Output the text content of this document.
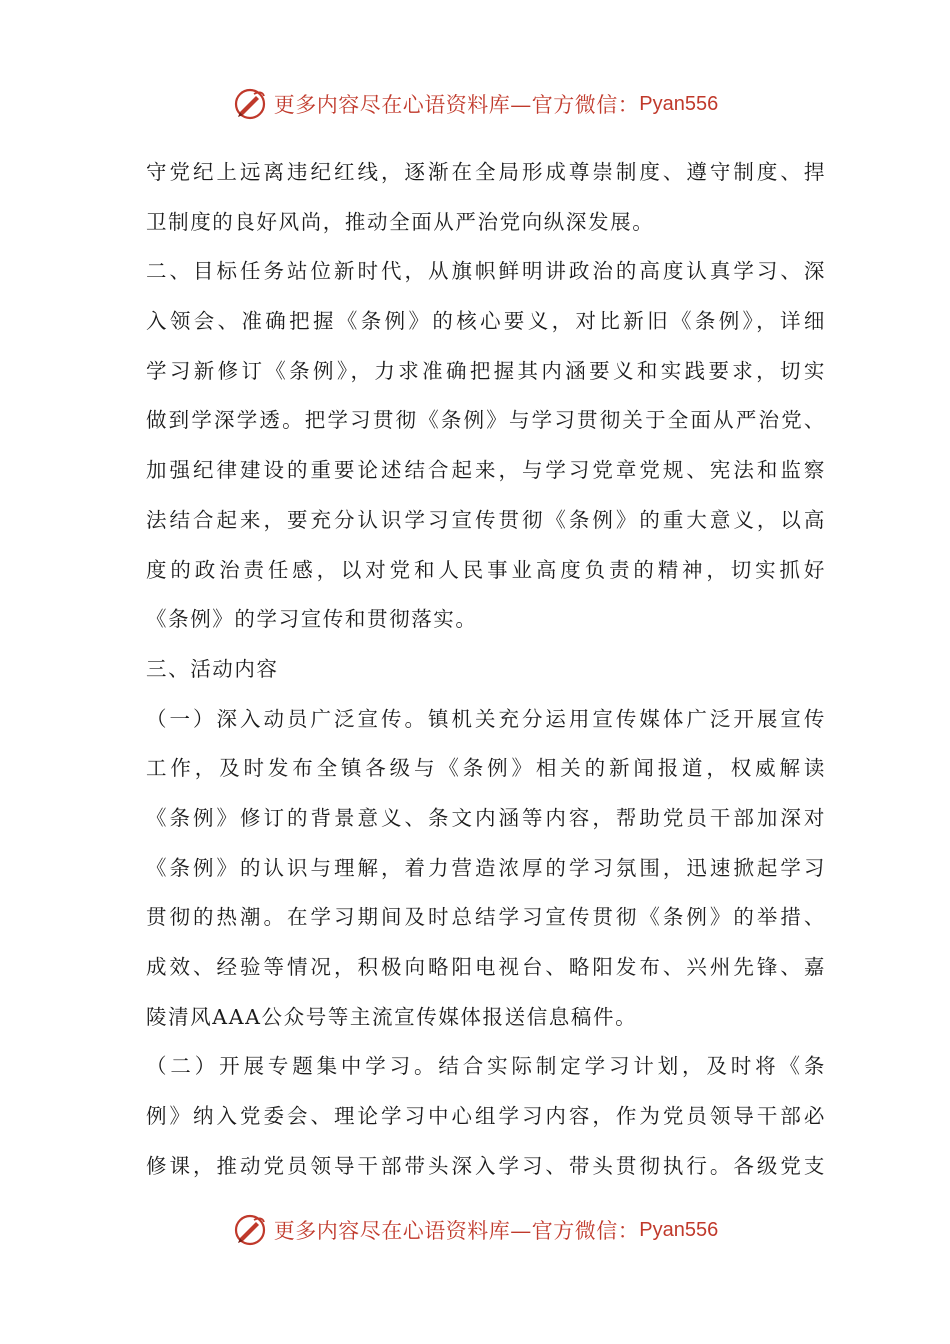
更多内容尽在心语资料库—官方微信： Pyan556
守党纪上远离违纪红线，逐渐在全局形成尊崇制度、遵守制度、捍
卫制度的良好风尚，推动全面从严治党向纵深发展。
二、目标任务站位新时代，从旗帜鲜明讲政治的高度认真学习、深
入领会、准确把握《条例》的核心要义，对比新旧《条例》，详细
学习新修订《条例》，力求准确把握其内涵要义和实践要求，切实
做到学深学透。把学习贯彻《条例》与学习贯彻关于全面从严治党、
加强纪律建设的重要论述结合起来，与学习党章党规、宪法和监察
法结合起来，要充分认识学习宣传贯彻《条例》的重大意义，以高
度的政治责任感，以对党和人民事业高度负责的精神，切实抓好
《条例》的学习宣传和贯彻落实。
三、活动内容
（一）深入动员广泛宣传。镇机关充分运用宣传媒体广泛开展宣传
工作，及时发布全镇各级与《条例》相关的新闻报道，权威解读
《条例》修订的背景意义、条文内涵等内容，帮助党员干部加深对
《条例》的认识与理解，着力营造浓厚的学习氛围，迅速掀起学习
贯彻的热潮。在学习期间及时总结学习宣传贯彻《条例》的举措、
成效、经验等情况，积极向略阳电视台、略阳发布、兴州先锋、嘉
陵清风AAA公众号等主流宣传媒体报送信息稿件。
（二）开展专题集中学习。结合实际制定学习计划，及时将《条
例》纳入党委会、理论学习中心组学习内容，作为党员领导干部必
修课，推动党员领导干部带头深入学习、带头贯彻执行。各级党支
更多内容尽在心语资料库—官方微信： Pyan556
